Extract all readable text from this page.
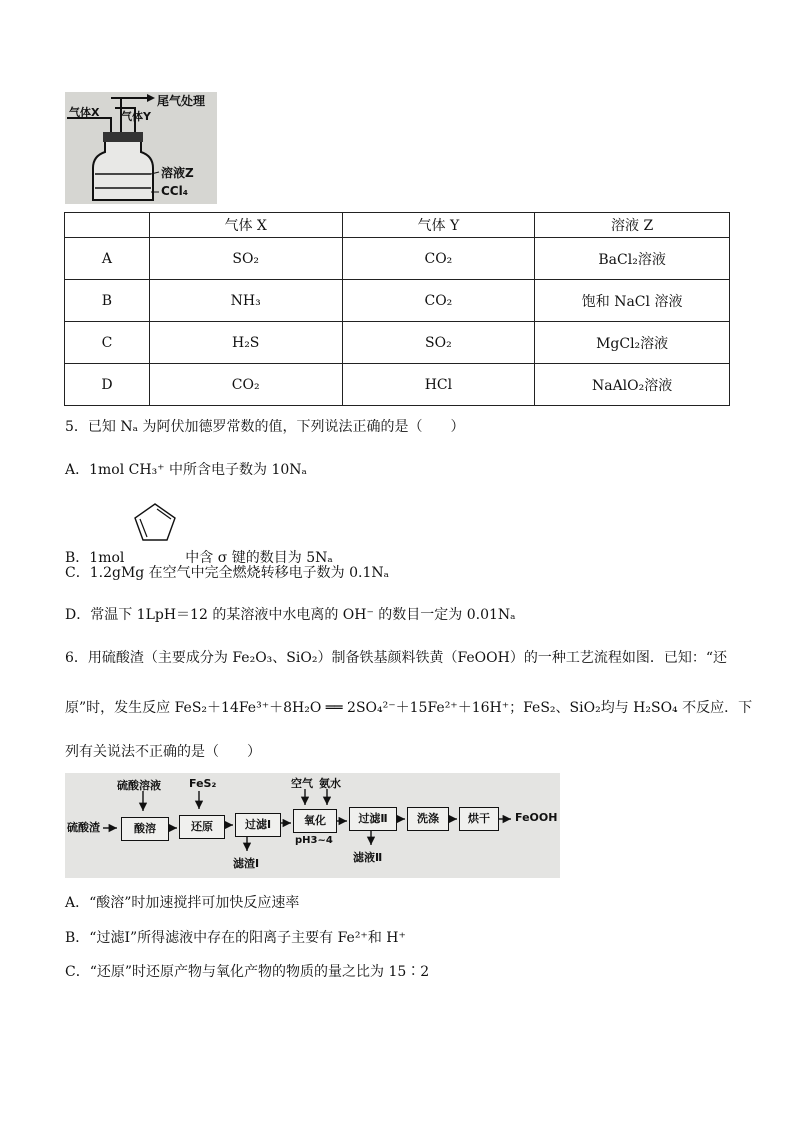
尾气处理
气体X 气体Y
溶液Z
CCl₄
	气体 X	气体 Y	溶液 Z
A	SO₂	CO₂	BaCl₂溶液
B	NH₃	CO₂	饱和 NaCl 溶液
C	H₂S	SO₂	MgCl₂溶液
D	CO₂	HCl	NaAlO₂溶液
5．已知 Nₐ 为阿伏加德罗常数的值，下列说法正确的是（　　）
A．1mol CH₃⁺ 中所含电子数为 10Nₐ
B．1mol	中含 σ 键的数目为 5Nₐ
C．1.2gMg 在空气中完全燃烧转移电子数为 0.1Nₐ
D．常温下 1LpH＝12 的某溶液中水电离的 OH⁻ 的数目一定为 0.01Nₐ
6．用硫酸渣（主要成分为 Fe₂O₃、SiO₂）制备铁基颜料铁黄（FeOOH）的一种工艺流程如图．已知：“还
原”时，发生反应 FeS₂＋14Fe³⁺＋8H₂O ══ 2SO₄²⁻＋15Fe²⁺＋16H⁺；FeS₂、SiO₂均与 H₂SO₄ 不反应．下
列有关说法不正确的是（　　）
硫酸渣
硫酸溶液	FeS₂	空气 氨水
酸溶	还原	过滤Ⅰ	氧化	过滤Ⅱ	洗涤	烘干	FeOOH
pH3~4
滤渣Ⅰ	滤液Ⅱ
A．“酸溶”时加速搅拌可加快反应速率
B．“过滤Ⅰ”所得滤液中存在的阳离子主要有 Fe²⁺和 H⁺
C．“还原”时还原产物与氧化产物的物质的量之比为 15∶2
